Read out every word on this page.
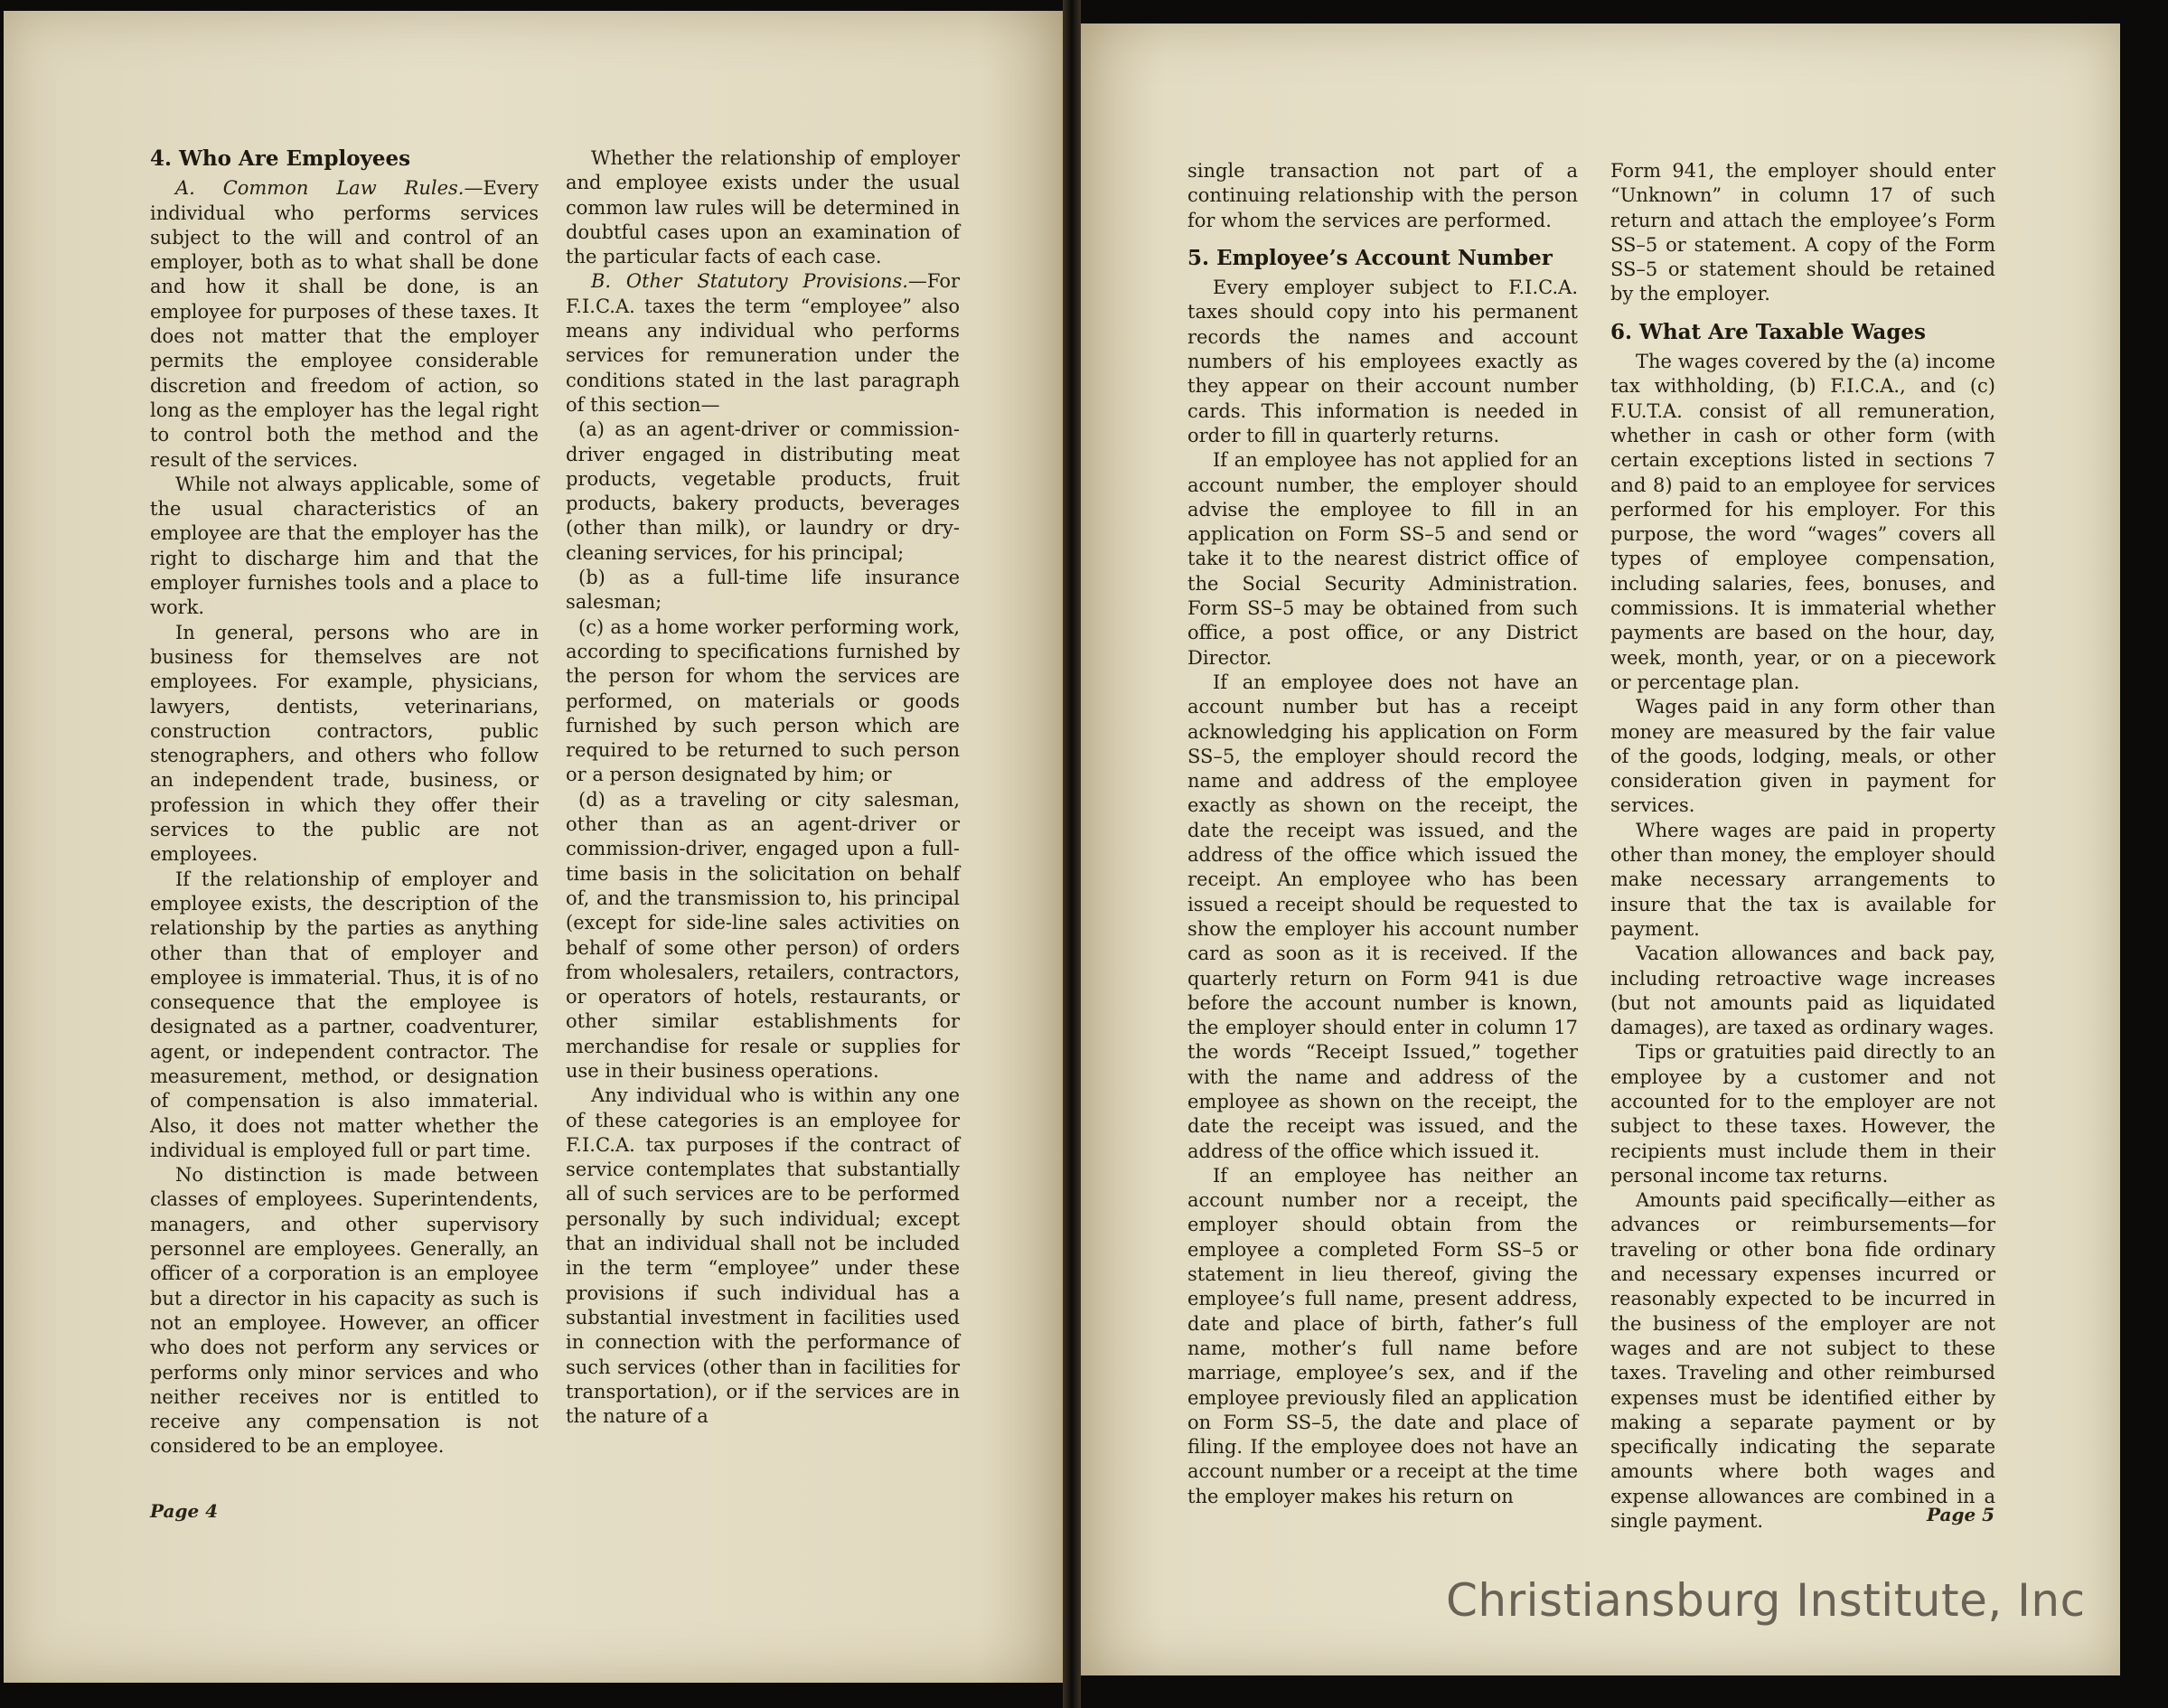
4. Who Are Employees

A. Common Law Rules.—Every individual who performs services subject to the will and control of an employer, both as to what shall be done and how it shall be done, is an employee for purposes of these taxes. It does not matter that the employer permits the employee considerable discretion and freedom of action, so long as the employer has the legal right to control both the method and the result of the services.

While not always applicable, some of the usual characteristics of an employee are that the employer has the right to discharge him and that the employer furnishes tools and a place to work.

In general, persons who are in business for themselves are not employees. For example, physicians, lawyers, dentists, veterinarians, construction contractors, public stenographers, and others who follow an independent trade, business, or profession in which they offer their services to the public are not employees.

If the relationship of employer and employee exists, the description of the relationship by the parties as anything other than that of employer and employee is immaterial. Thus, it is of no consequence that the employee is designated as a partner, coadventurer, agent, or independent contractor. The measurement, method, or designation of compensation is also immaterial. Also, it does not matter whether the individual is employed full or part time.

No distinction is made between classes of employees. Superintendents, managers, and other supervisory personnel are employees. Generally, an officer of a corporation is an employee but a director in his capacity as such is not an employee. However, an officer who does not perform any services or performs only minor services and who neither receives nor is entitled to receive any compensation is not considered to be an employee.

Whether the relationship of employer and employee exists under the usual common law rules will be determined in doubtful cases upon an examination of the particular facts of each case.

B. Other Statutory Provisions.—For F.I.C.A. taxes the term “employee” also means any individual who performs services for remuneration under the conditions stated in the last paragraph of this section—

(a) as an agent-driver or commission-driver engaged in distributing meat products, vegetable products, fruit products, bakery products, beverages (other than milk), or laundry or dry-cleaning services, for his principal;

(b) as a full-time life insurance salesman;

(c) as a home worker performing work, according to specifications furnished by the person for whom the services are performed, on materials or goods furnished by such person which are required to be returned to such person or a person designated by him; or

(d) as a traveling or city salesman, other than as an agent-driver or commission-driver, engaged upon a full-time basis in the solicitation on behalf of, and the transmission to, his principal (except for side-line sales activities on behalf of some other person) of orders from wholesalers, retailers, contractors, or operators of hotels, restaurants, or other similar establishments for merchandise for resale or supplies for use in their business operations.

Any individual who is within any one of these categories is an employee for F.I.C.A. tax purposes if the contract of service contemplates that substantially all of such services are to be performed personally by such individual; except that an individual shall not be included in the term “employee” under these provisions if such individual has a substantial investment in facilities used in connection with the performance of such services (other than in facilities for transportation), or if the services are in the nature of a

Page 4

single transaction not part of a continuing relationship with the person for whom the services are performed.

5. Employee’s Account Number

Every employer subject to F.I.C.A. taxes should copy into his permanent records the names and account numbers of his employees exactly as they appear on their account number cards. This information is needed in order to fill in quarterly returns.

If an employee has not applied for an account number, the employer should advise the employee to fill in an application on Form SS–5 and send or take it to the nearest district office of the Social Security Administration. Form SS–5 may be obtained from such office, a post office, or any District Director.

If an employee does not have an account number but has a receipt acknowledging his application on Form SS–5, the employer should record the name and address of the employee exactly as shown on the receipt, the date the receipt was issued, and the address of the office which issued the receipt. An employee who has been issued a receipt should be requested to show the employer his account number card as soon as it is received. If the quarterly return on Form 941 is due before the account number is known, the employer should enter in column 17 the words “Receipt Issued,” together with the name and address of the employee as shown on the receipt, the date the receipt was issued, and the address of the office which issued it.

If an employee has neither an account number nor a receipt, the employer should obtain from the employee a completed Form SS–5 or statement in lieu thereof, giving the employee’s full name, present address, date and place of birth, father’s full name, mother’s full name before marriage, employee’s sex, and if the employee previously filed an application on Form SS–5, the date and place of filing. If the employee does not have an account number or a receipt at the time the employer makes his return on

Form 941, the employer should enter “Unknown” in column 17 of such return and attach the employee’s Form SS–5 or statement. A copy of the Form SS–5 or statement should be retained by the employer.

6. What Are Taxable Wages

The wages covered by the (a) income tax withholding, (b) F.I.C.A., and (c) F.U.T.A. consist of all remuneration, whether in cash or other form (with certain exceptions listed in sections 7 and 8) paid to an employee for services performed for his employer. For this purpose, the word “wages” covers all types of employee compensation, including salaries, fees, bonuses, and commissions. It is immaterial whether payments are based on the hour, day, week, month, year, or on a piecework or percentage plan.

Wages paid in any form other than money are measured by the fair value of the goods, lodging, meals, or other consideration given in payment for services.

Where wages are paid in property other than money, the employer should make necessary arrangements to insure that the tax is available for payment.

Vacation allowances and back pay, including retroactive wage increases (but not amounts paid as liquidated damages), are taxed as ordinary wages.

Tips or gratuities paid directly to an employee by a customer and not accounted for to the employer are not subject to these taxes. However, the recipients must include them in their personal income tax returns.

Amounts paid specifically—either as advances or reimbursements—for traveling or other bona fide ordinary and necessary expenses incurred or reasonably expected to be incurred in the business of the employer are not wages and are not subject to these taxes. Traveling and other reimbursed expenses must be identified either by making a separate payment or by specifically indicating the separate amounts where both wages and expense allowances are combined in a single payment.	Page 5
Christiansburg Institute, Inc
